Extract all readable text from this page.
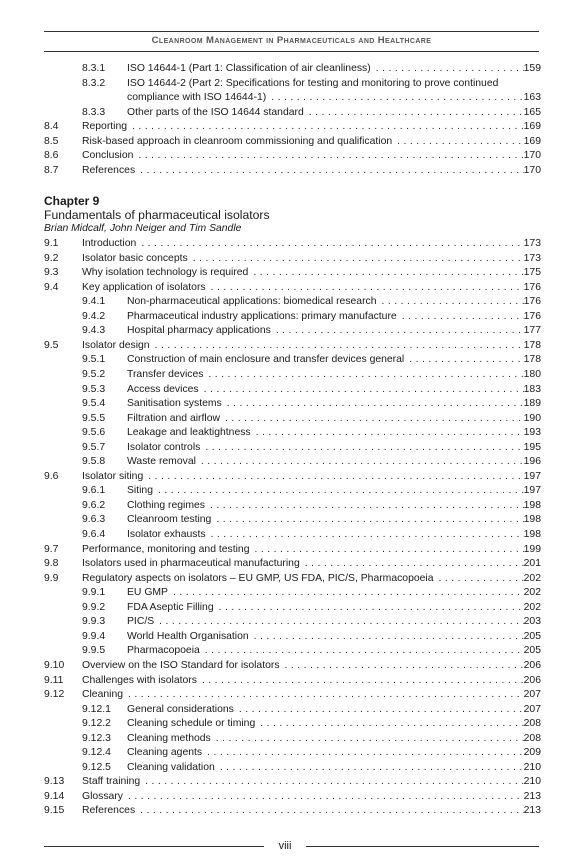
Cleanroom Management in Pharmaceuticals and Healthcare
8.3.1 ISO 14644-1 (Part 1: Classification of air cleanliness) . . .	159
8.3.2 ISO 14644-2 (Part 2: Specifications for testing and monitoring to prove continued
compliance with ISO 14644-1) . . .	163
8.3.3 Other parts of the ISO 14644 standard . . .	165
8.4 Reporting . . .	169
8.5 Risk-based approach in cleanroom commissioning and qualification . . .	169
8.6 Conclusion . . .	170
8.7 References . . .	170
Chapter 9
Fundamentals of pharmaceutical isolators
Brian Midcalf, John Neiger and Tim Sandle
9.1 Introduction . . .	173
9.2 Isolator basic concepts . . .	173
9.3 Why isolation technology is required . . .	175
9.4 Key application of isolators . . .	176
9.4.1 Non-pharmaceutical applications: biomedical research . . .	176
9.4.2 Pharmaceutical industry applications: primary manufacture . . .	176
9.4.3 Hospital pharmacy applications . . .	177
9.5 Isolator design . . .	178
9.5.1 Construction of main enclosure and transfer devices general . . .	178
9.5.2 Transfer devices . . .	180
9.5.3 Access devices . . .	183
9.5.4 Sanitisation systems . . .	189
9.5.5 Filtration and airflow . . .	190
9.5.6 Leakage and leaktightness . . .	193
9.5.7 Isolator controls . . .	195
9.5.8 Waste removal . . .	196
9.6 Isolator siting . . .	197
9.6.1 Siting . . .	197
9.6.2 Clothing regimes . . .	198
9.6.3 Cleanroom testing . . .	198
9.6.4 Isolator exhausts . . .	198
9.7 Performance, monitoring and testing . . .	199
9.8 Isolators used in pharmaceutical manufacturing . . .	201
9.9 Regulatory aspects on isolators – EU GMP, US FDA, PIC/S, Pharmacopoeia . . .	202
9.9.1 EU GMP . . .	202
9.9.2 FDA Aseptic Filling . . .	202
9.9.3 PIC/S . . .	203
9.9.4 World Health Organisation . . .	205
9.9.5 Pharmacopoeia . . .	205
9.10 Overview on the ISO Standard for isolators . . .	206
9.11 Challenges with isolators . . .	206
9.12 Cleaning . . .	207
9.12.1 General considerations . . .	207
9.12.2 Cleaning schedule or timing . . .	208
9.12.3 Cleaning methods . . .	208
9.12.4 Cleaning agents . . .	209
9.12.5 Cleaning validation . . .	210
9.13 Staff training . . .	210
9.14 Glossary . . .	213
9.15 References . . .	213
viii
